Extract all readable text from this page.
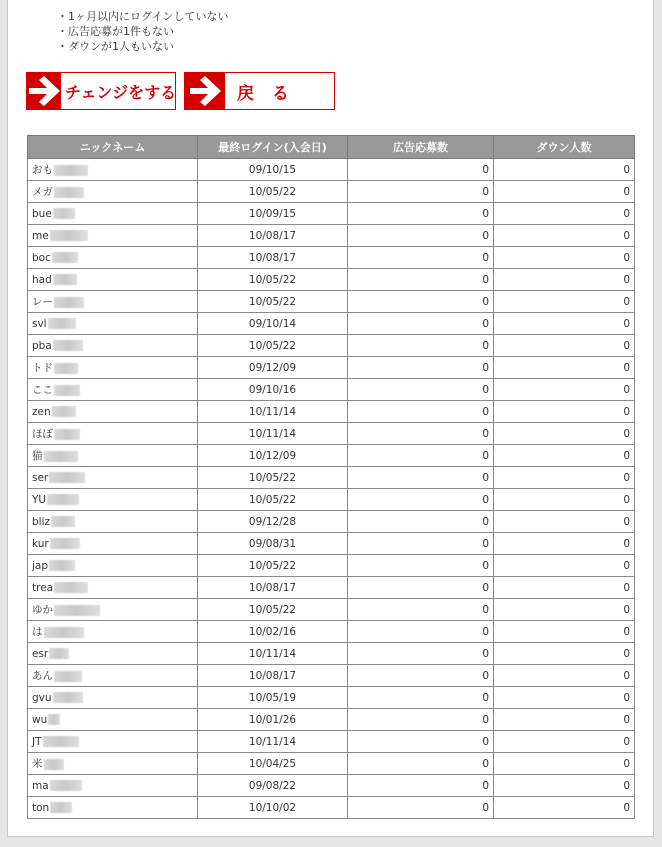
・1ヶ月以内にログインしていない
・広告応募が1件もない
・ダウンが1人もいない
チェンジをする	戻 る
ニックネーム	最終ログイン(入会日)	広告応募数	ダウン人数
おも	09/10/15	0	0
メガ	10/05/22	0	0
bue	10/09/15	0	0
me	10/08/17	0	0
boc	10/08/17	0	0
had	10/05/22	0	0
レー	10/05/22	0	0
svl	09/10/14	0	0
pba	10/05/22	0	0
トド	09/12/09	0	0
ここ	09/10/16	0	0
zen	10/11/14	0	0
ほぼ	10/11/14	0	0
猫	10/12/09	0	0
ser	10/05/22	0	0
YU	10/05/22	0	0
bliz	09/12/28	0	0
kur	09/08/31	0	0
jap	10/05/22	0	0
trea	10/08/17	0	0
ゆか	10/05/22	0	0
は	10/02/16	0	0
esr	10/11/14	0	0
あん	10/08/17	0	0
gvu	10/05/19	0	0
wu	10/01/26	0	0
JT	10/11/14	0	0
米	10/04/25	0	0
ma	09/08/22	0	0
ton	10/10/02	0	0
